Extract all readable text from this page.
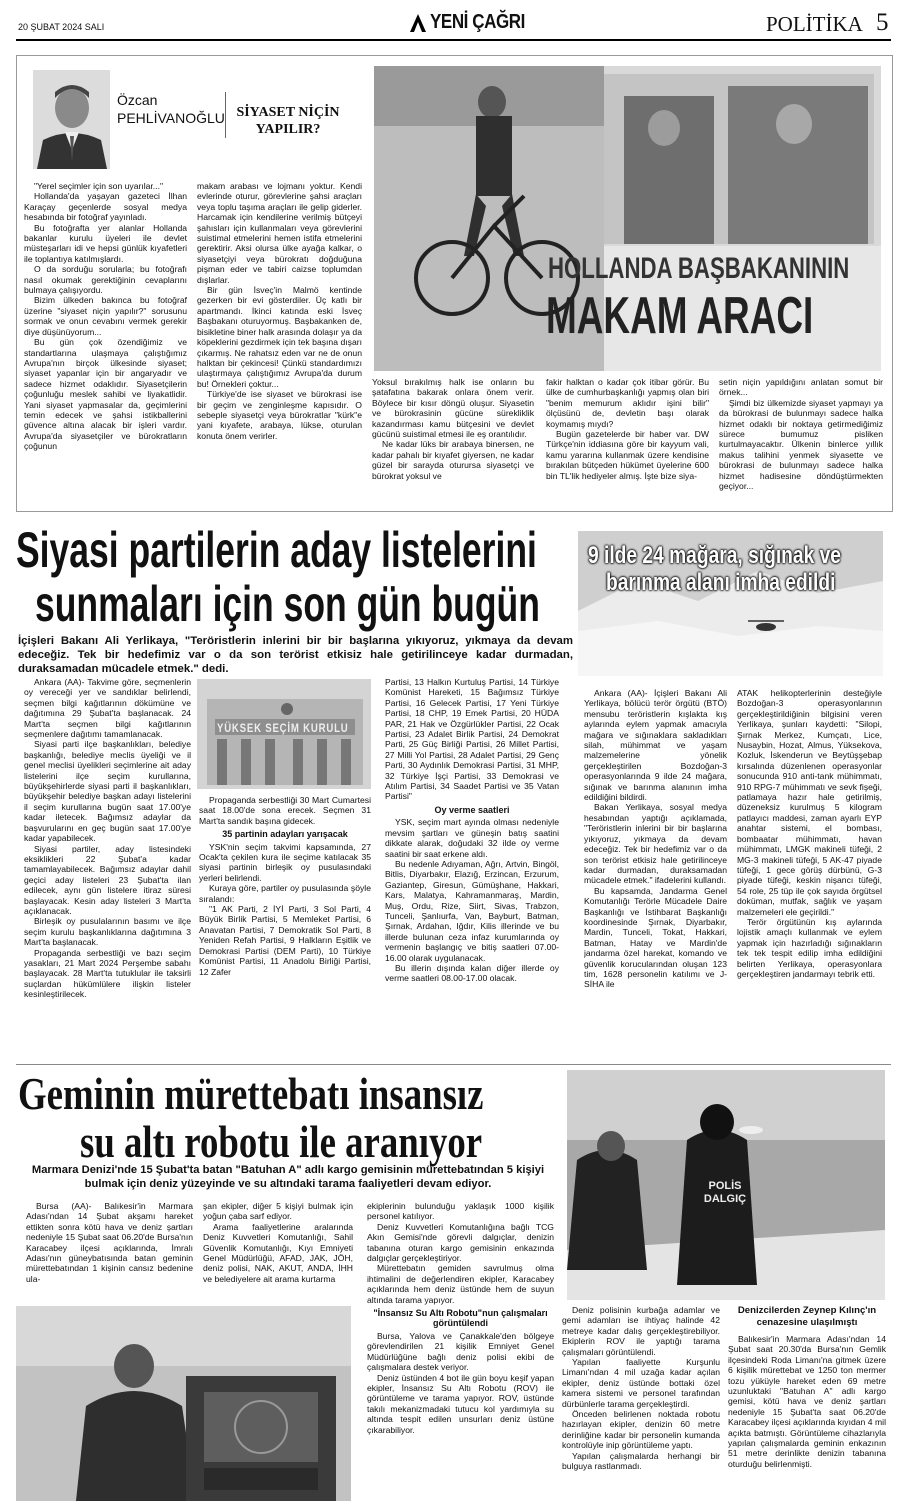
20 ŞUBAT 2024 SALI	YENİ ÇAĞRI	POLİTİKA 5
Özcan
PEHLİVANOĞLU SİYASET NİÇİN YAPILIR?
HOLLANDA BAŞBAKANININ
MAKAM ARACI

"Yerel seçimler için son uyarılar..."

Hollanda'da yaşayan gazeteci İlhan Karaçay geçenlerde sosyal medya hesabında bir fotoğraf yayınladı.

Bu fotoğrafta yer alanlar Hollanda bakanlar kurulu üyeleri ile devlet müsteşarları idi ve hepsi günlük kıyafetleri ile toplantıya katılmışlardı.

O da sorduğu sorularla; bu fotoğrafı nasıl okumak gerektiğinin cevaplarını bulmaya çalışıyordu.

Bizim ülkeden bakınca bu fotoğraf üzerine "siyaset niçin yapılır?" sorusunu sormak ve onun cevabını vermek gerekir diye düşünüyorum...

Bu gün çok özendiğimiz ve standartlarına ulaşmaya çalıştığımız Avrupa'nın birçok ülkesinde siyaset; siyaset yapanlar için bir angaryadır ve sadece hizmet odaklıdır. Siyasetçilerin çoğunluğu meslek sahibi ve liyakatlidir. Yani siyaset yapmasalar da, geçimlerini temin edecek ve şahsi istikballerini güvence altına alacak bir işleri vardır. Avrupa'da siyasetçiler ve bürokratların çoğunun

makam arabası ve lojmanı yoktur. Kendi evlerinde oturur, görevlerine şahsi araçları veya toplu taşıma araçları ile gelip giderler. Harcamak için kendilerine verilmiş bütçeyi şahısları için kullanmaları veya görevlerini suistimal etmelerini hemen istifa etmelerini gerektirir. Aksi olursa ülke ayağa kalkar, o siyasetçiyi veya bürokratı doğduğuna pişman eder ve tabiri caizse toplumdan dışlarlar.

Bir gün İsveç'in Malmö kentinde gezerken bir evi gösterdiler. Üç katlı bir apartmandı. İkinci katında eski İsveç Başbakanı oturuyormuş. Başbakanken de, bisikletine biner halk arasında dolaşır ya da köpeklerini gezdirmek için tek başına dışarı çıkarmış. Ne rahatsız eden var ne de onun halktan bir çekincesi! Çünkü standardımızı ulaştırmaya çalıştığımız Avrupa'da durum bu! Örnekleri çoktur...

Türkiye'de ise siyaset ve bürokrasi ise bir geçim ve zenginleşme kapısıdır. O sebeple siyasetçi veya bürokratlar "kürk"e yani kıyafete, arabaya, lükse, oturulan konuta önem verirler.

Yoksul bırakılmış halk ise onların bu şatafatına bakarak onlara önem verir. Böylece bir kısır döngü oluşur. Siyasetin ve bürokrasinin gücüne sürekliklik kazandırması kamu bütçesini ve devlet gücünü suistimal etmesi ile eş orantılıdır.

Ne kadar lüks bir arabaya binersen, ne kadar pahalı bir kıyafet giyersen, ne kadar güzel bir sarayda oturursa siyasetçi ve bürokrat yoksul ve

fakir halktan o kadar çok itibar görür. Bu ülke de cumhurbaşkanlığı yapmış olan biri "benim memurum aklıdır işini bilir" ölçüsünü de, devletin başı olarak koymamış mıydı?

Bugün gazetelerde bir haber var. DW Türkçe'nin iddiasına göre bir kayyum vali, kamu yararına kullanmak üzere kendisine bırakılan bütçeden hükümet üyelerine 600 bin TL'lik hediyeler almış. İşte bize siya-

setin niçin yapıldığını anlatan somut bir örnek...

Şimdi biz ülkemizde siyaset yapmayı ya da bürokrasi de bulunmayı sadece halka hizmet odaklı bir noktaya getirmediğimiz sürece bumumuz pisliken kurtulmayacaktır. Ülkenin binlerce yıllık makus talihini yenmek siyasette ve bürokrasi de bulunmayı sadece halka hizmet hadisesine döndüştürmekten geçiyor...

Siyasi partilerin aday listelerini
sunmaları için son gün bugün
İçişleri Bakanı Ali Yerlikaya, "Teröristlerin inlerini bir bir başlarına yıkıyoruz, yıkmaya da devam edeceğiz. Tek bir hedefimiz var o da son terörist etkisiz hale getirilinceye kadar durmadan, duraksamadan mücadele etmek." dedi.

Ankara (AA)- Takvime göre, seçmenlerin oy vereceği yer ve sandıklar belirlendi, seçmen bilgi kağıtlarının dökümüne ve dağıtımına 29 Şubat'ta başlanacak. 24 Mart'ta seçmen bilgi kağıtlarının seçmenlere dağıtımı tamamlanacak.

Siyasi parti ilçe başkanlıkları, belediye başkanlığı, belediye meclis üyeliği ve il genel meclisi üyelikleri seçimlerine ait aday listelerini ilçe seçim kurullarına, büyükşehirlerde siyasi parti il başkanlıkları, büyükşehir belediye başkan adayı listelerini il seçim kurullarına bugün saat 17.00'ye kadar iletecek. Bağımsız adaylar da başvurularını en geç bugün saat 17.00'ye kadar yapabilecek.

Siyasi partiler, aday listesindeki eksiklikleri 22 Şubat'a kadar tamamlayabilecek. Bağımsız adaylar dahil geçici aday listeleri 23 Şubat'ta ilan edilecek, aynı gün listelere itiraz süresi başlayacak. Kesin aday listeleri 3 Mart'ta açıklanacak.

Birleşik oy pusulalarının basımı ve ilçe seçim kurulu başkanlıklarına dağıtımına 3 Mart'ta başlanacak.

Propaganda serbestliği ve bazı seçim yasakları, 21 Mart 2024 Perşembe sabahı başlayacak. 28 Mart'ta tutuklular ile taksirli suçlardan hükümlülere ilişkin listeler kesinleştirilecek.

YÜKSEK SEÇİM KURULU

Propaganda serbestliği 30 Mart Cumartesi saat 18.00'de sona erecek. Seçmen 31 Mart'ta sandık başına gidecek.

35 partinin adayları yarışacak

YSK'nin seçim takvimi kapsamında, 27 Ocak'ta çekilen kura ile seçime katılacak 35 siyasi partinin birleşik oy pusulasındaki yerleri belirlendi.

Kuraya göre, partiler oy pusulasında şöyle sıralandı:

"1 AK Parti, 2 İYİ Parti, 3 Sol Parti, 4 Büyük Birlik Partisi, 5 Memleket Partisi, 6 Anavatan Partisi, 7 Demokratik Sol Parti, 8 Yeniden Refah Partisi, 9 Halkların Eşitlik ve Demokrasi Partisi (DEM Parti), 10 Türkiye Komünist Partisi, 11 Anadolu Birliği Partisi, 12 Zafer

Partisi, 13 Halkın Kurtuluş Partisi, 14 Türkiye Komünist Hareketi, 15 Bağımsız Türkiye Partisi, 16 Gelecek Partisi, 17 Yeni Türkiye Partisi, 18 CHP, 19 Emek Partisi, 20 HÜDA PAR, 21 Hak ve Özgürlükler Partisi, 22 Ocak Partisi, 23 Adalet Birlik Partisi, 24 Demokrat Parti, 25 Güç Birliği Partisi, 26 Millet Partisi, 27 Milli Yol Partisi, 28 Adalet Partisi, 29 Genç Parti, 30 Aydınlık Demokrasi Partisi, 31 MHP, 32 Türkiye İşçi Partisi, 33 Demokrasi ve Atılım Partisi, 34 Saadet Partisi ve 35 Vatan Partisi"

Oy verme saatleri

YSK, seçim mart ayında olması nedeniyle mevsim şartları ve güneşin batış saatini dikkate alarak, doğudaki 32 ilde oy verme saatini bir saat erkene aldı.

Bu nedenle Adıyaman, Ağrı, Artvin, Bingöl, Bitlis, Diyarbakır, Elazığ, Erzincan, Erzurum, Gaziantep, Giresun, Gümüşhane, Hakkari, Kars, Malatya, Kahramanmaraş, Mardin, Muş, Ordu, Rize, Siirt, Sivas, Trabzon, Tunceli, Şanlıurfa, Van, Bayburt, Batman, Şırnak, Ardahan, Iğdır, Kilis illerinde ve bu illerde bulunan ceza infaz kurumlarında oy vermenin başlangıç ve bitiş saatleri 07.00-16.00 olarak uygulanacak.

Bu illerin dışında kalan diğer illerde oy verme saatleri 08.00-17.00 olacak.

9 ilde 24 mağara, sığınak ve
barınma alanı imha edildi

Ankara (AA)- İçişleri Bakanı Ali Yerlikaya, bölücü terör örgütü (BTÖ) mensubu teröristlerin kışlakta kış aylarında eylem yapmak amacıyla mağara ve sığınaklara sakladıkları silah, mühimmat ve yaşam malzemelerine yönelik gerçekleştirilen Bozdoğan-3 operasyonlarında 9 ilde 24 mağara, sığınak ve barınma alanının imha edildiğini bildirdi.

Bakan Yerlikaya, sosyal medya hesabından yaptığı açıklamada, "Teröristlerin inlerini bir bir başlarına yıkıyoruz, yıkmaya da devam edeceğiz. Tek bir hedefimiz var o da son terörist etkisiz hale getirilinceye kadar durmadan, duraksamadan mücadele etmek." ifadelerini kullandı.

Bu kapsamda, Jandarma Genel Komutanlığı Terörle Mücadele Daire Başkanlığı ve İstihbarat Başkanlığı koordinesinde Şırnak, Diyarbakır, Mardin, Tunceli, Tokat, Hakkari, Batman, Hatay ve Mardin'de jandarma özel harekat, komando ve güvenlik korucularından oluşan 123 tim, 1628 personelin katılımı ve J-SİHA ile

ATAK helikopterlerinin desteğiyle Bozdoğan-3 operasyonlarının gerçekleştirildiğinin bilgisini veren Yerlikaya, şunları kaydetti: "Silopi, Şırnak Merkez, Kumçatı, Lice, Nusaybin, Hozat, Almus, Yüksekova, Kozluk, İskenderun ve Beytüşşebap kırsalında düzenlenen operasyonlar sonucunda 910 anti-tank mühimmatı, 910 RPG-7 mühimmatı ve sevk fişeği, patlamaya hazır hale getirilmiş, düzeneksiz kurulmuş 5 kilogram patlayıcı maddesi, zaman ayarlı EYP anahtar sistemi, el bombası, bombaatar mühimmatı, havan mühimmatı, LMGK makineli tüfeği, 2 MG-3 makineli tüfeği, 5 AK-47 piyade tüfeği, 1 gece görüş dürbünü, G-3 piyade tüfeği, keskin nişancı tüfeği, 54 role, 25 tüp ile çok sayıda örgütsel doküman, mutfak, sağlık ve yaşam malzemeleri ele geçirildi."

Terör örgütünün kış aylarında lojistik amaçlı kullanmak ve eylem yapmak için hazırladığı sığınakların tek tek tespit edilip imha edildiğini belirten Yerlikaya, operasyonlara gerçekleştiren jandarmayı tebrik etti.

Geminin mürettebatı insansız
su altı robotu ile aranıyor
Marmara Denizi'nde 15 Şubat'ta batan "Batuhan A" adlı kargo gemisinin mürettebatından 5 kişiyi bulmak için deniz yüzeyinde ve su altındaki tarama faaliyetleri devam ediyor.	POLİS DALGIÇ

Bursa (AA)- Balıkesir'in Marmara Adası'ndan 14 Şubat akşamı hareket ettikten sonra kötü hava ve deniz şartları nedeniyle 15 Şubat saat 06.20'de Bursa'nın Karacabey ilçesi açıklarında, İmralı Adası'nın güneybatısında batan geminin mürettebatından 1 kişinin cansız bedenine ula-

şan ekipler, diğer 5 kişiyi bulmak için yoğun çaba sarf ediyor.

Arama faaliyetlerine aralarında Deniz Kuvvetleri Komutanlığı, Sahil Güvenlik Komutanlığı, Kıyı Emniyeti Genel Müdürlüğü, AFAD, JAK, JÖH, deniz polisi, NAK, AKUT, ANDA, İHH ve belediyelere ait arama kurtarma

ekiplerinin bulunduğu yaklaşık 1000 kişilik personel katılıyor.

Deniz Kuvvetleri Komutanlığına bağlı TCG Akın Gemisi'nde görevli dalgıçlar, denizin tabanına oturan kargo gemisinin enkazında dalgıçlar gerçekleştiriyor.

Mürettebatın gemiden savrulmuş olma ihtimalini de değerlendiren ekipler, Karacabey açıklarında hem deniz üstünde hem de suyun altında tarama yapıyor.

"İnsansız Su Altı Robotu"nun çalışmaları görüntülendi

Bursa, Yalova ve Çanakkale'den bölgeye görevlendirilen 21 kişilik Emniyet Genel Müdürlüğüne bağlı deniz polisi ekibi de çalışmalara destek veriyor.

Deniz üstünden 4 bot ile gün boyu keşif yapan ekipler, İnsansız Su Altı Robotu (ROV) ile görüntüleme ve tarama yapıyor. ROV, üstünde takılı mekanizmadaki tutucu kol yardımıyla su altında tespit edilen unsurları deniz üstüne çıkarabiliyor.

Deniz polisinin kurbağa adamlar ve gemi adamları ise ihtiyaç halinde 42 metreye kadar dalış gerçekleştirebiliyor. Ekiplerin ROV ile yaptığı tarama çalışmaları görüntülendi.

Yapılan faaliyette Kurşunlu Limanı'ndan 4 mil uzağa kadar açılan ekipler, deniz üstünde bottaki özel kamera sistemi ve personel tarafından dürbünlerle tarama gerçekleştirdi.

Önceden belirlenen noktada robotu hazırlayan ekipler, denizin 60 metre derinliğine kadar bir personelin kumanda kontrolüyle inip görüntüleme yaptı.

Yapılan çalışmalarda herhangi bir bulguya rastlanmadı.

Denizcilerden Zeynep Kılınç'ın cenazesine ulaşılmıştı

Balıkesir'in Marmara Adası'ndan 14 Şubat saat 20.30'da Bursa'nın Gemlik ilçesindeki Roda Limanı'na gitmek üzere 6 kişilik mürettebat ve 1250 ton mermer tozu yüküyle hareket eden 69 metre uzunluktaki "Batuhan A" adlı kargo gemisi, kötü hava ve deniz şartları nedeniyle 15 Şubat'ta saat 06.20'de Karacabey ilçesi açıklarında kıyıdan 4 mil açıkta batmıştı. Görüntüleme cihazlarıyla yapılan çalışmalarda geminin enkazının 51 metre derinlikte denizin tabanına oturduğu belirlenmişti.
